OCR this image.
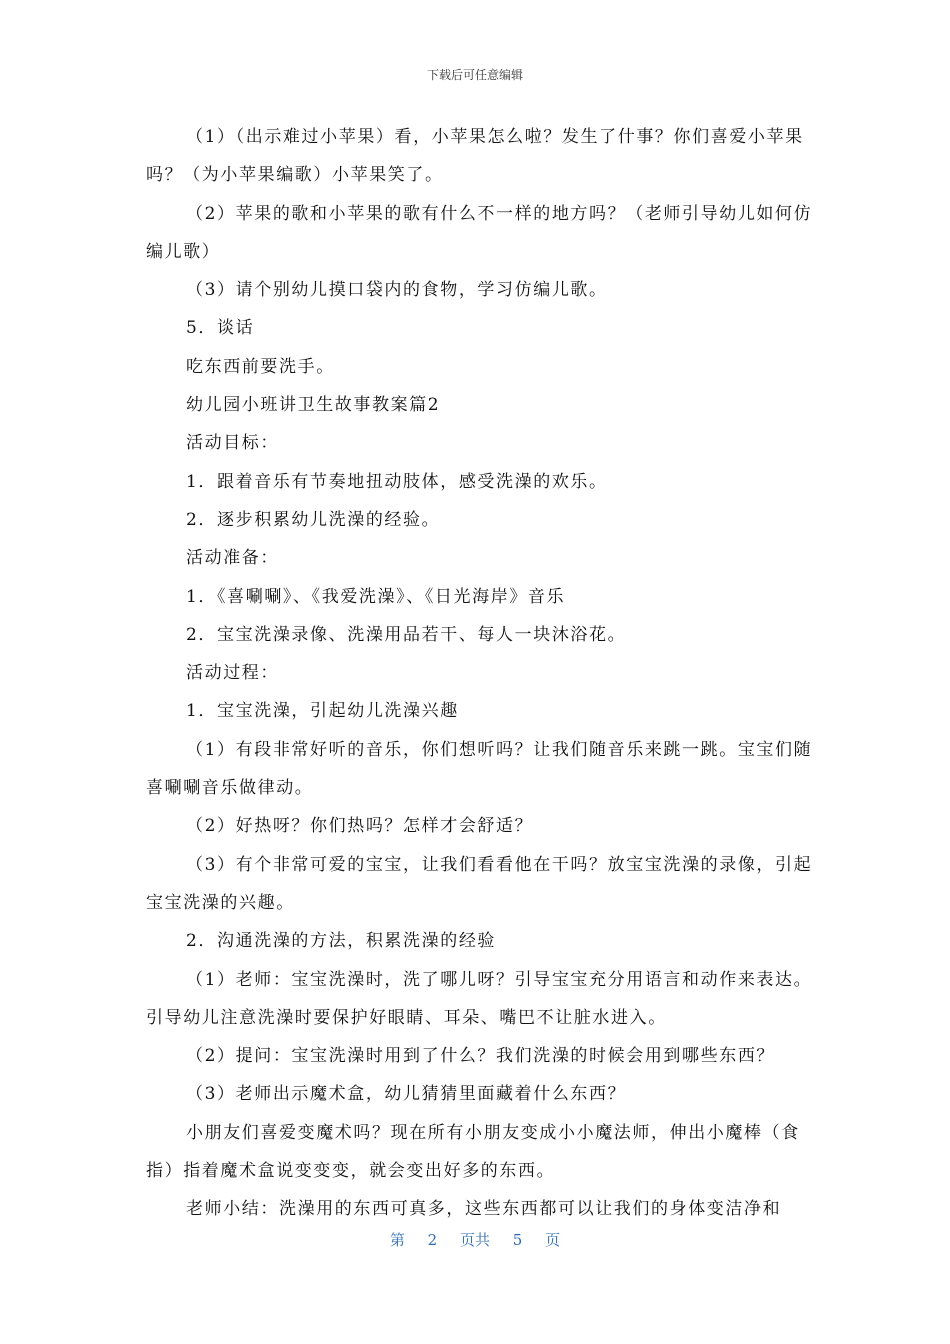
下载后可任意编辑

（1）（出示难过小苹果）看，小苹果怎么啦？发生了什事？你们喜爱小苹果吗？（为小苹果编歌）小苹果笑了。

（2）苹果的歌和小苹果的歌有什么不一样的地方吗？（老师引导幼儿如何仿编儿歌）

（3）请个别幼儿摸口袋内的食物，学习仿编儿歌。

5．谈话

吃东西前要洗手。

幼儿园小班讲卫生故事教案篇2

活动目标：

1．跟着音乐有节奏地扭动肢体，感受洗澡的欢乐。

2．逐步积累幼儿洗澡的经验。

活动准备：

1．《喜唰唰》、《我爱洗澡》、《日光海岸》音乐

2．宝宝洗澡录像、洗澡用品若干、每人一块沐浴花。

活动过程：

1．宝宝洗澡，引起幼儿洗澡兴趣

（1）有段非常好听的音乐，你们想听吗？让我们随音乐来跳一跳。宝宝们随喜唰唰音乐做律动。

（2）好热呀？你们热吗？怎样才会舒适？

（3）有个非常可爱的宝宝，让我们看看他在干吗？放宝宝洗澡的录像，引起宝宝洗澡的兴趣。

2．沟通洗澡的方法，积累洗澡的经验

（1）老师：宝宝洗澡时，洗了哪儿呀？引导宝宝充分用语言和动作来表达。引导幼儿注意洗澡时要保护好眼睛、耳朵、嘴巴不让脏水进入。

（2）提问：宝宝洗澡时用到了什么？我们洗澡的时候会用到哪些东西？

（3）老师出示魔术盒，幼儿猜猜里面藏着什么东西？

小朋友们喜爱变魔术吗？现在所有小朋友变成小小魔法师，伸出小魔棒（食指）指着魔术盒说变变变，就会变出好多的东西。

老师小结：洗澡用的东西可真多，这些东西都可以让我们的身体变洁净和

第 2 页共 5 页
